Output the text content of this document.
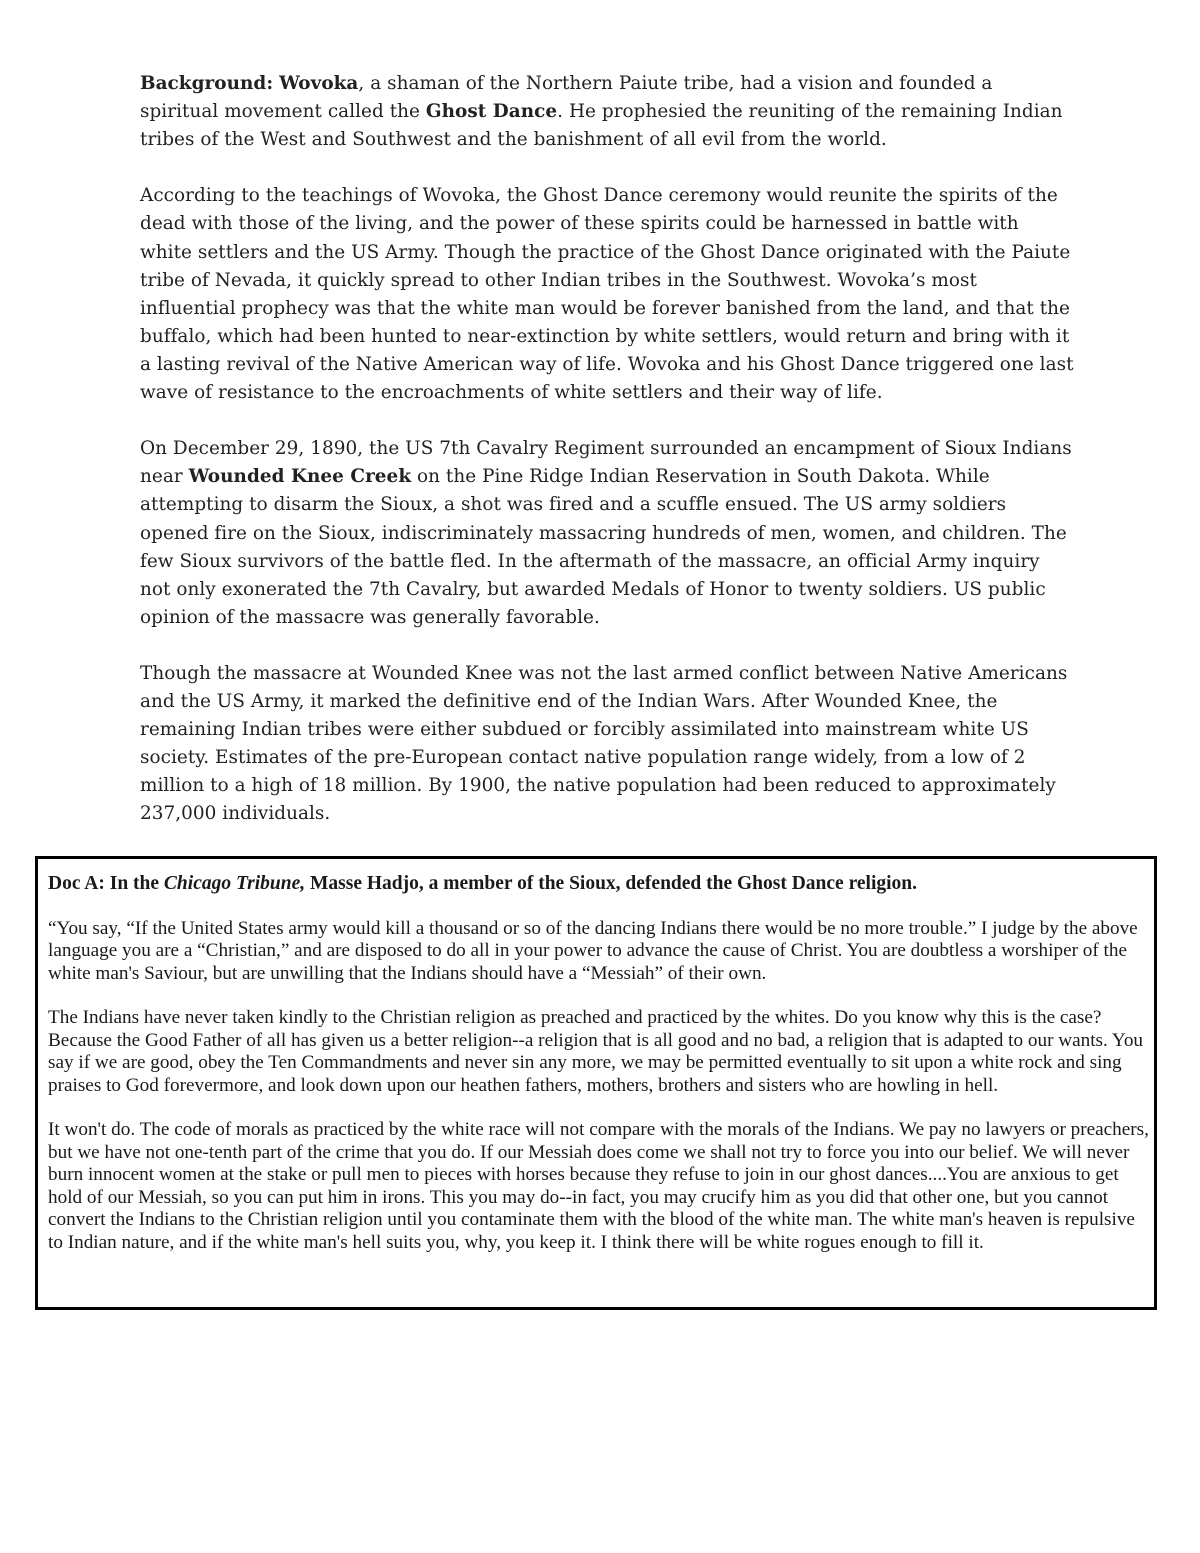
Background: Wovoka, a shaman of the Northern Paiute tribe, had a vision and founded a spiritual movement called the Ghost Dance. He prophesied the reuniting of the remaining Indian tribes of the West and Southwest and the banishment of all evil from the world.

According to the teachings of Wovoka, the Ghost Dance ceremony would reunite the spirits of the dead with those of the living, and the power of these spirits could be harnessed in battle with white settlers and the US Army. Though the practice of the Ghost Dance originated with the Paiute tribe of Nevada, it quickly spread to other Indian tribes in the Southwest. Wovoka’s most influential prophecy was that the white man would be forever banished from the land, and that the buffalo, which had been hunted to near-extinction by white settlers, would return and bring with it a lasting revival of the Native American way of life. Wovoka and his Ghost Dance triggered one last wave of resistance to the encroachments of white settlers and their way of life.

On December 29, 1890, the US 7th Cavalry Regiment surrounded an encampment of Sioux Indians near Wounded Knee Creek on the Pine Ridge Indian Reservation in South Dakota. While attempting to disarm the Sioux, a shot was fired and a scuffle ensued. The US army soldiers opened fire on the Sioux, indiscriminately massacring hundreds of men, women, and children. The few Sioux survivors of the battle fled. In the aftermath of the massacre, an official Army inquiry not only exonerated the 7th Cavalry, but awarded Medals of Honor to twenty soldiers. US public opinion of the massacre was generally favorable.

Though the massacre at Wounded Knee was not the last armed conflict between Native Americans and the US Army, it marked the definitive end of the Indian Wars. After Wounded Knee, the remaining Indian tribes were either subdued or forcibly assimilated into mainstream white US society. Estimates of the pre-European contact native population range widely, from a low of 2 million to a high of 18 million. By 1900, the native population had been reduced to approximately 237,000 individuals.

Doc A: In the Chicago Tribune, Masse Hadjo, a member of the Sioux, defended the Ghost Dance religion.

“You say, “If the United States army would kill a thousand or so of the dancing Indians there would be no more trouble.” I judge by the above language you are a “Christian,” and are disposed to do all in your power to advance the cause of Christ. You are doubtless a worshiper of the white man's Saviour, but are unwilling that the Indians should have a “Messiah” of their own.

The Indians have never taken kindly to the Christian religion as preached and practiced by the whites. Do you know why this is the case? Because the Good Father of all has given us a better religion--a religion that is all good and no bad, a religion that is adapted to our wants. You say if we are good, obey the Ten Commandments and never sin any more, we may be permitted eventually to sit upon a white rock and sing praises to God forevermore, and look down upon our heathen fathers, mothers, brothers and sisters who are howling in hell.

It won't do. The code of morals as practiced by the white race will not compare with the morals of the Indians. We pay no lawyers or preachers, but we have not one-tenth part of the crime that you do. If our Messiah does come we shall not try to force you into our belief. We will never burn innocent women at the stake or pull men to pieces with horses because they refuse to join in our ghost dances....You are anxious to get hold of our Messiah, so you can put him in irons. This you may do--in fact, you may crucify him as you did that other one, but you cannot convert the Indians to the Christian religion until you contaminate them with the blood of the white man. The white man's heaven is repulsive to Indian nature, and if the white man's hell suits you, why, you keep it. I think there will be white rogues enough to fill it.
